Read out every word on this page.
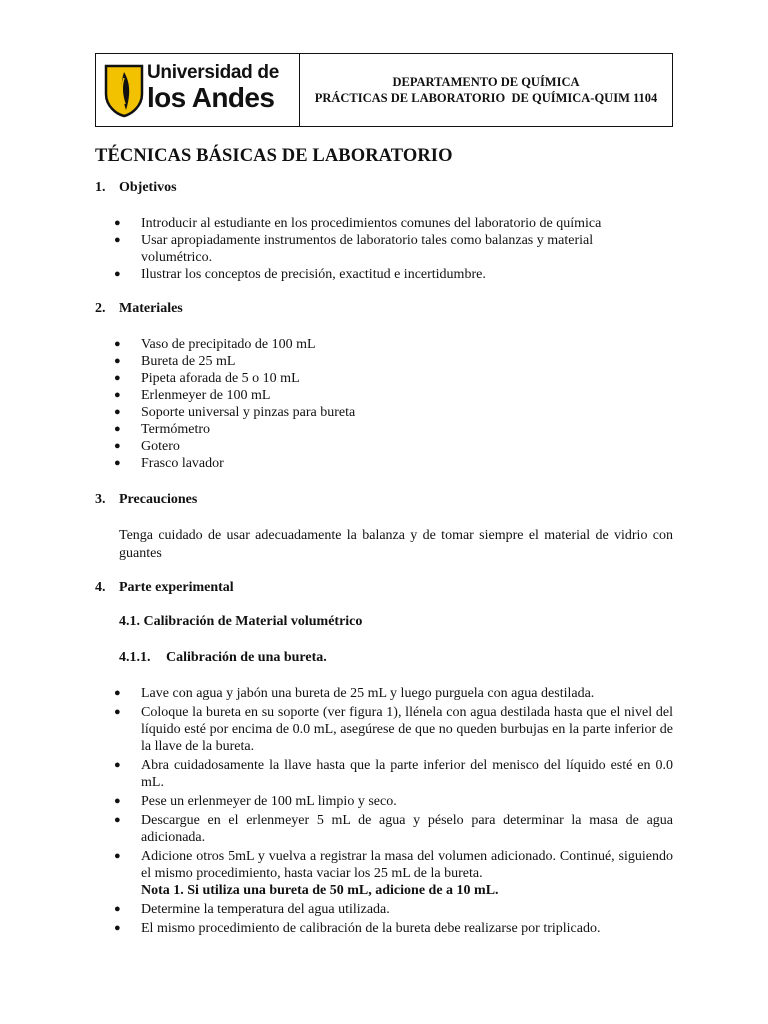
Universidad de
los Andes	DEPARTAMENTO DE QUÍMICA
PRÁCTICAS DE LABORATORIO  DE QUÍMICA-QUIM 1104
TÉCNICAS BÁSICAS DE LABORATORIO
1. Objetivos
● Introducir al estudiante en los procedimientos comunes del laboratorio de química
● Usar apropiadamente instrumentos de laboratorio tales como balanzas y material volumétrico.
● Ilustrar los conceptos de precisión, exactitud e incertidumbre.
2. Materiales
● Vaso de precipitado de 100 mL
● Bureta de 25 mL
● Pipeta aforada de 5 o 10 mL
● Erlenmeyer de 100 mL
● Soporte universal y pinzas para bureta
● Termómetro
● Gotero
● Frasco lavador
3. Precauciones

Tenga cuidado de usar adecuadamente la balanza y de tomar siempre el material de vidrio con guantes

4. Parte experimental
4.1. Calibración de Material volumétrico
4.1.1. Calibración de una bureta.
● Lave con agua y jabón una bureta de 25 mL y luego purguela con agua destilada.
● Coloque la bureta en su soporte (ver figura 1), llénela con agua destilada hasta que el nivel del líquido esté por encima de 0.0 mL, asegúrese de que no queden burbujas en la parte inferior de la llave de la bureta.
● Abra cuidadosamente la llave hasta que la parte inferior del menisco del líquido esté en 0.0 mL.
● Pese un erlenmeyer de 100 mL limpio y seco.
● Descargue en el erlenmeyer 5 mL de agua y péselo para determinar la masa de agua adicionada.
● Adicione otros 5mL y vuelva a registrar la masa del volumen adicionado. Continué, siguiendo el mismo procedimiento, hasta vaciar los 25 mL de la bureta.
Nota 1. Si utiliza una bureta de 50 mL, adicione de a 10 mL.
● Determine la temperatura del agua utilizada.
● El mismo procedimiento de calibración de la bureta debe realizarse por triplicado.
